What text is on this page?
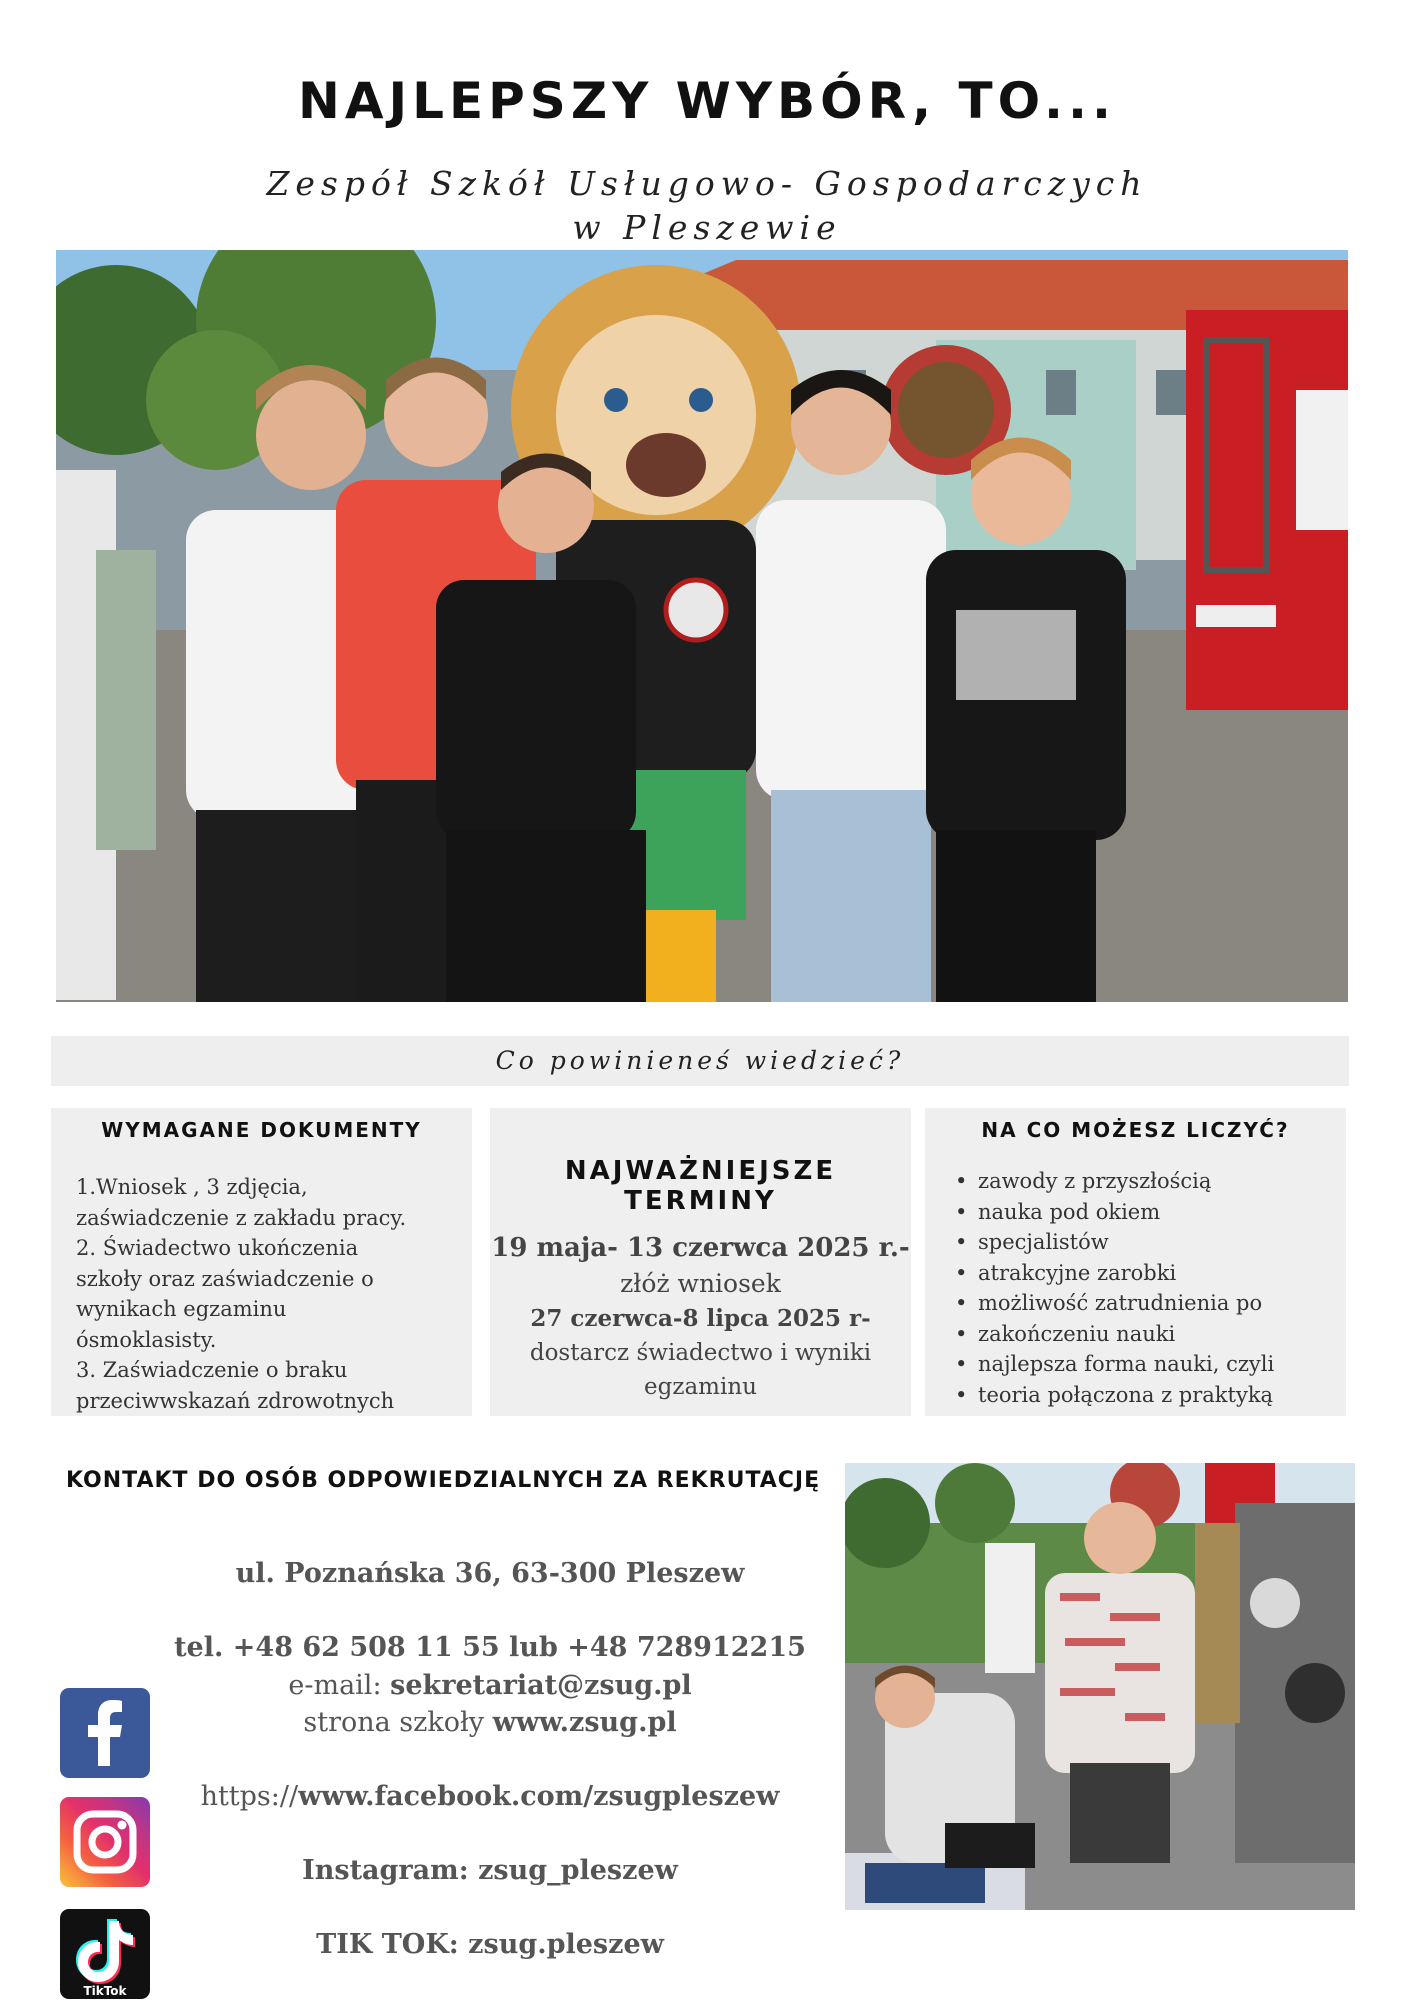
NAJLEPSZY WYBÓR, TO...
Zespół Szkół Usługowo- Gospodarczych
w Pleszewie
Co powinieneś wiedzieć?
WYMAGANE DOKUMENTY
1.Wniosek , 3 zdjęcia,
zaświadczenie z zakładu pracy.
2. Świadectwo ukończenia
szkoły oraz zaświadczenie o
wynikach egzaminu
ósmoklasisty.
3. Zaświadczenie o braku
przeciwwskazań zdrowotnych
NAJWAŻNIEJSZE TERMINY
19 maja- 13 czerwca 2025 r.-
złóż wniosek
27 czerwca-8 lipca 2025 r-
dostarcz świadectwo i wyniki
egzaminu
NA CO MOŻESZ LICZYĆ?
• zawody z przyszłością
• nauka pod okiem
• specjalistów
• atrakcyjne zarobki
• możliwość zatrudnienia po
• zakończeniu nauki
• najlepsza forma nauki, czyli
• teoria połączona z praktyką
KONTAKT DO OSÓB ODPOWIEDZIALNYCH ZA REKRUTACJĘ
ul. Poznańska 36, 63-300 Pleszew
tel. +48 62 508 11 55 lub +48 728912215
e-mail: sekretariat@zsug.pl
strona szkoły www.zsug.pl
https://www.facebook.com/zsugpleszew
Instagram: zsug_pleszew
TIK TOK: zsug.pleszew
TikTok
